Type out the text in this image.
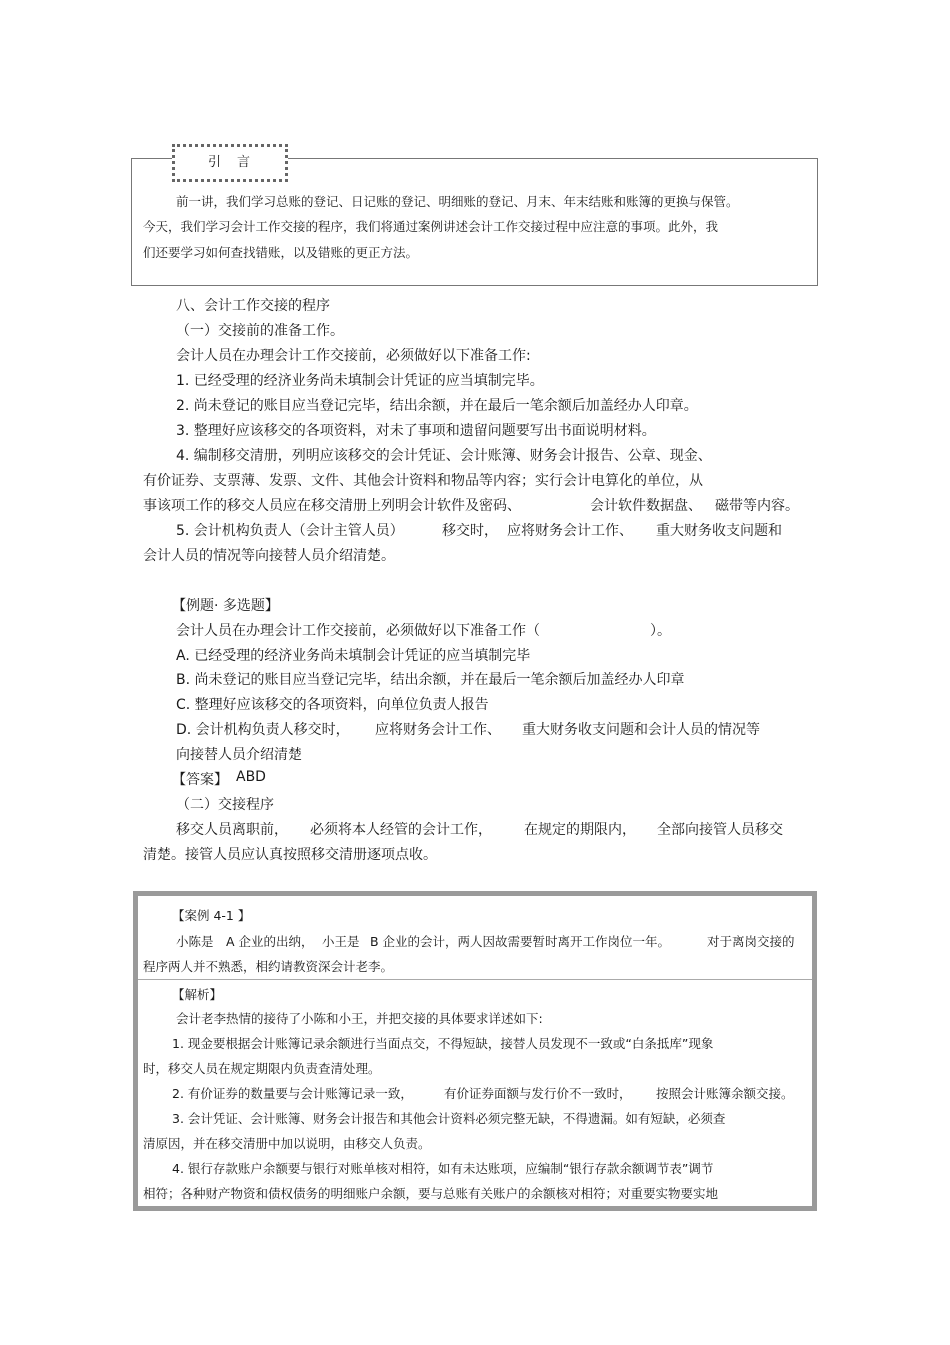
引言
前一讲，我们学习总账的登记、日记账的登记、明细账的登记、月末、年末结账和账簿的更换与保管。
今天，我们学习会计工作交接的程序，我们将通过案例讲述会计工作交接过程中应注意的事项。此外，我
们还要学习如何查找错账，以及错账的更正方法。
八、会计工作交接的程序
（一）交接前的准备工作。
会计人员在办理会计工作交接前，必须做好以下准备工作:
1. 已经受理的经济业务尚未填制会计凭证的应当填制完毕。
2. 尚未登记的账目应当登记完毕，结出余额，并在最后一笔余额后加盖经办人印章。
3. 整理好应该移交的各项资料，对未了事项和遗留问题要写出书面说明材料。
4. 编制移交清册，列明应该移交的会计凭证、会计账簿、财务会计报告、公章、现金、
有价证券、支票薄、发票、文件、其他会计资料和物品等内容；实行会计电算化的单位，从
事该项工作的移交人员应在移交清册上列明会计软件及密码、	会计软件数据盘、 磁带等内容。
5. 会计机构负责人（会计主管人员）	移交时， 应将财务会计工作、 重大财务收支问题和
会计人员的情况等向接替人员介绍清楚。
【例题· 多选题】
会计人员在办理会计工作交接前，必须做好以下准备工作（	）。
A. 已经受理的经济业务尚未填制会计凭证的应当填制完毕
B. 尚未登记的账目应当登记完毕，结出余额，并在最后一笔余额后加盖经办人印章
C. 整理好应该移交的各项资料，向单位负责人报告
D. 会计机构负责人移交时， 应将财务会计工作、 重大财务收支问题和会计人员的情况等
向接替人员介绍清楚
【答案】 ABD
（二）交接程序
移交人员离职前， 必须将本人经管的会计工作， 在规定的期限内， 全部向接管人员移交
清楚。接管人员应认真按照移交清册逐项点收。
【案例 4-1 】
小陈是 A 企业的出纳， 小王是 B 企业的会计，两人因故需要暂时离开工作岗位一年。	对于离岗交接的
程序两人并不熟悉，相约请教资深会计老李。
【解析】
会计老李热情的接待了小陈和小王，并把交接的具体要求详述如下:
1. 现金要根据会计账簿记录余额进行当面点交，不得短缺，接替人员发现不一致或“白条抵库”现象
时，移交人员在规定期限内负责查清处理。
2. 有价证券的数量要与会计账簿记录一致， 有价证券面额与发行价不一致时， 按照会计账簿余额交接。
3. 会计凭证、会计账簿、财务会计报告和其他会计资料必须完整无缺，不得遗漏。如有短缺，必须查
清原因，并在移交清册中加以说明，由移交人负责。
4. 银行存款账户余额要与银行对账单核对相符，如有未达账项，应编制“银行存款余额调节表”调节
相符；各种财产物资和债权债务的明细账户余额，要与总账有关账户的余额核对相符；对重要实物要实地
